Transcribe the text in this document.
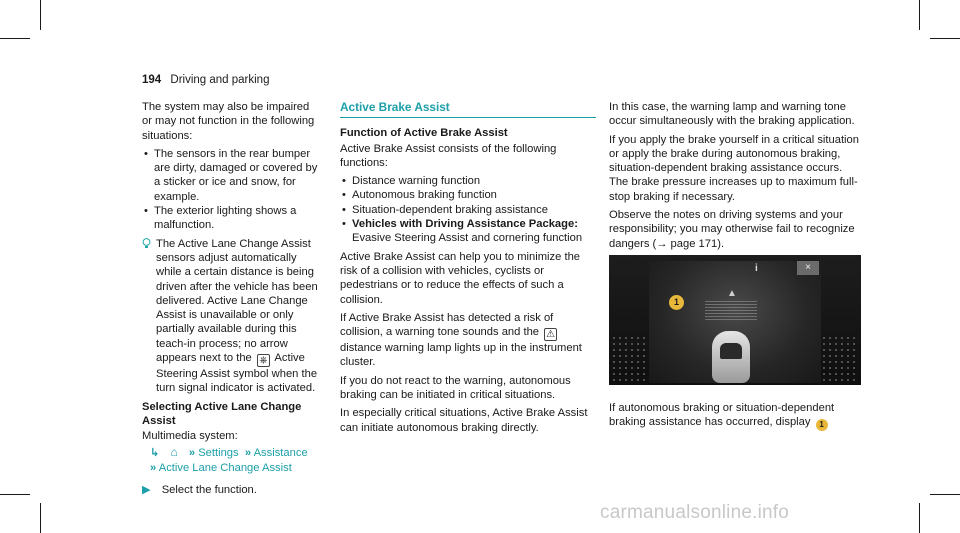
194 Driving and parking

The system may also be impaired or may not function in the following situations:

• The sensors in the rear bumper are dirty, damaged or covered by a sticker or ice and snow, for example.
• The exterior lighting shows a malfunction.
The Active Lane Change Assist sensors adjust automatically while a certain distance is being driven after the vehicle has been delivered. Active Lane Change Assist is unavailable or only partially available during this teach-in process; no arrow appears next to the ⎈ Active Steering Assist symbol when the turn signal indicator is activated.
Selecting Active Lane Change Assist
Multimedia system:
↳ ⌂ » Settings  » Assistance
» Active Lane Change Assist
▶ Select the function.
Active Brake Assist
Function of Active Brake Assist

Active Brake Assist consists of the following functions:

• Distance warning function
• Autonomous braking function
• Situation-dependent braking assistance
• Vehicles with Driving Assistance Package: Evasive Steering Assist and cornering function

Active Brake Assist can help you to minimize the risk of a collision with vehicles, cyclists or pedestrians or to reduce the effects of such a collision.

If Active Brake Assist has detected a risk of collision, a warning tone sounds and the ⚠ distance warning lamp lights up in the instrument cluster.

If you do not react to the warning, autonomous braking can be initiated in critical situations.

In especially critical situations, Active Brake Assist can initiate autonomous braking directly.

In this case, the warning lamp and warning tone occur simultaneously with the braking application.

If you apply the brake yourself in a critical situation or apply the brake during autonomous braking, situation-dependent braking assistance occurs. The brake pressure increases up to maximum full-stop braking if necessary.

Observe the notes on driving systems and your responsibility; you may otherwise fail to recognize dangers (→ page 171).

i	×
▲
1

If autonomous braking or situation-dependent braking assistance has occurred, display 1

carmanualsonline.info
